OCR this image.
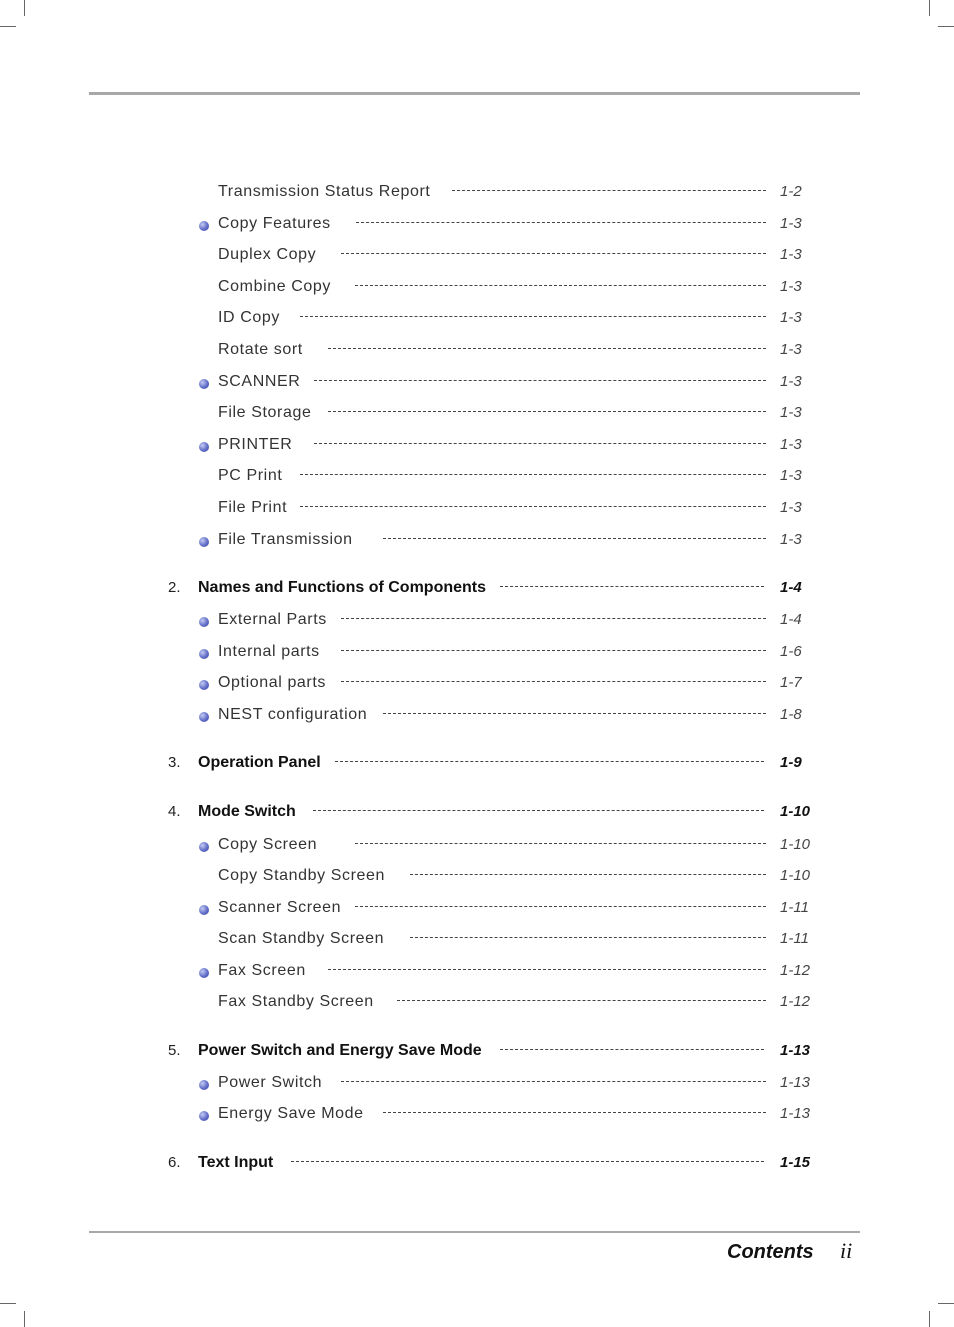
Transmission Status Report	1-2
Copy Features	1-3
Duplex Copy	1-3
Combine Copy	1-3
ID Copy	1-3
Rotate sort	1-3
SCANNER	1-3
File Storage	1-3
PRINTER	1-3
PC Print	1-3
File Print	1-3
File Transmission	1-3
2. Names and Functions of Components	1-4
External Parts	1-4
Internal parts	1-6
Optional parts	1-7
NEST configuration	1-8
3. Operation Panel	1-9
4. Mode Switch	1-10
Copy Screen	1-10
Copy Standby Screen	1-10
Scanner Screen	1-11
Scan Standby Screen	1-11
Fax Screen	1-12
Fax Standby Screen	1-12
5. Power Switch and Energy Save Mode	1-13
Power Switch	1-13
Energy Save Mode	1-13
6. Text Input	1-15
Contents ii
